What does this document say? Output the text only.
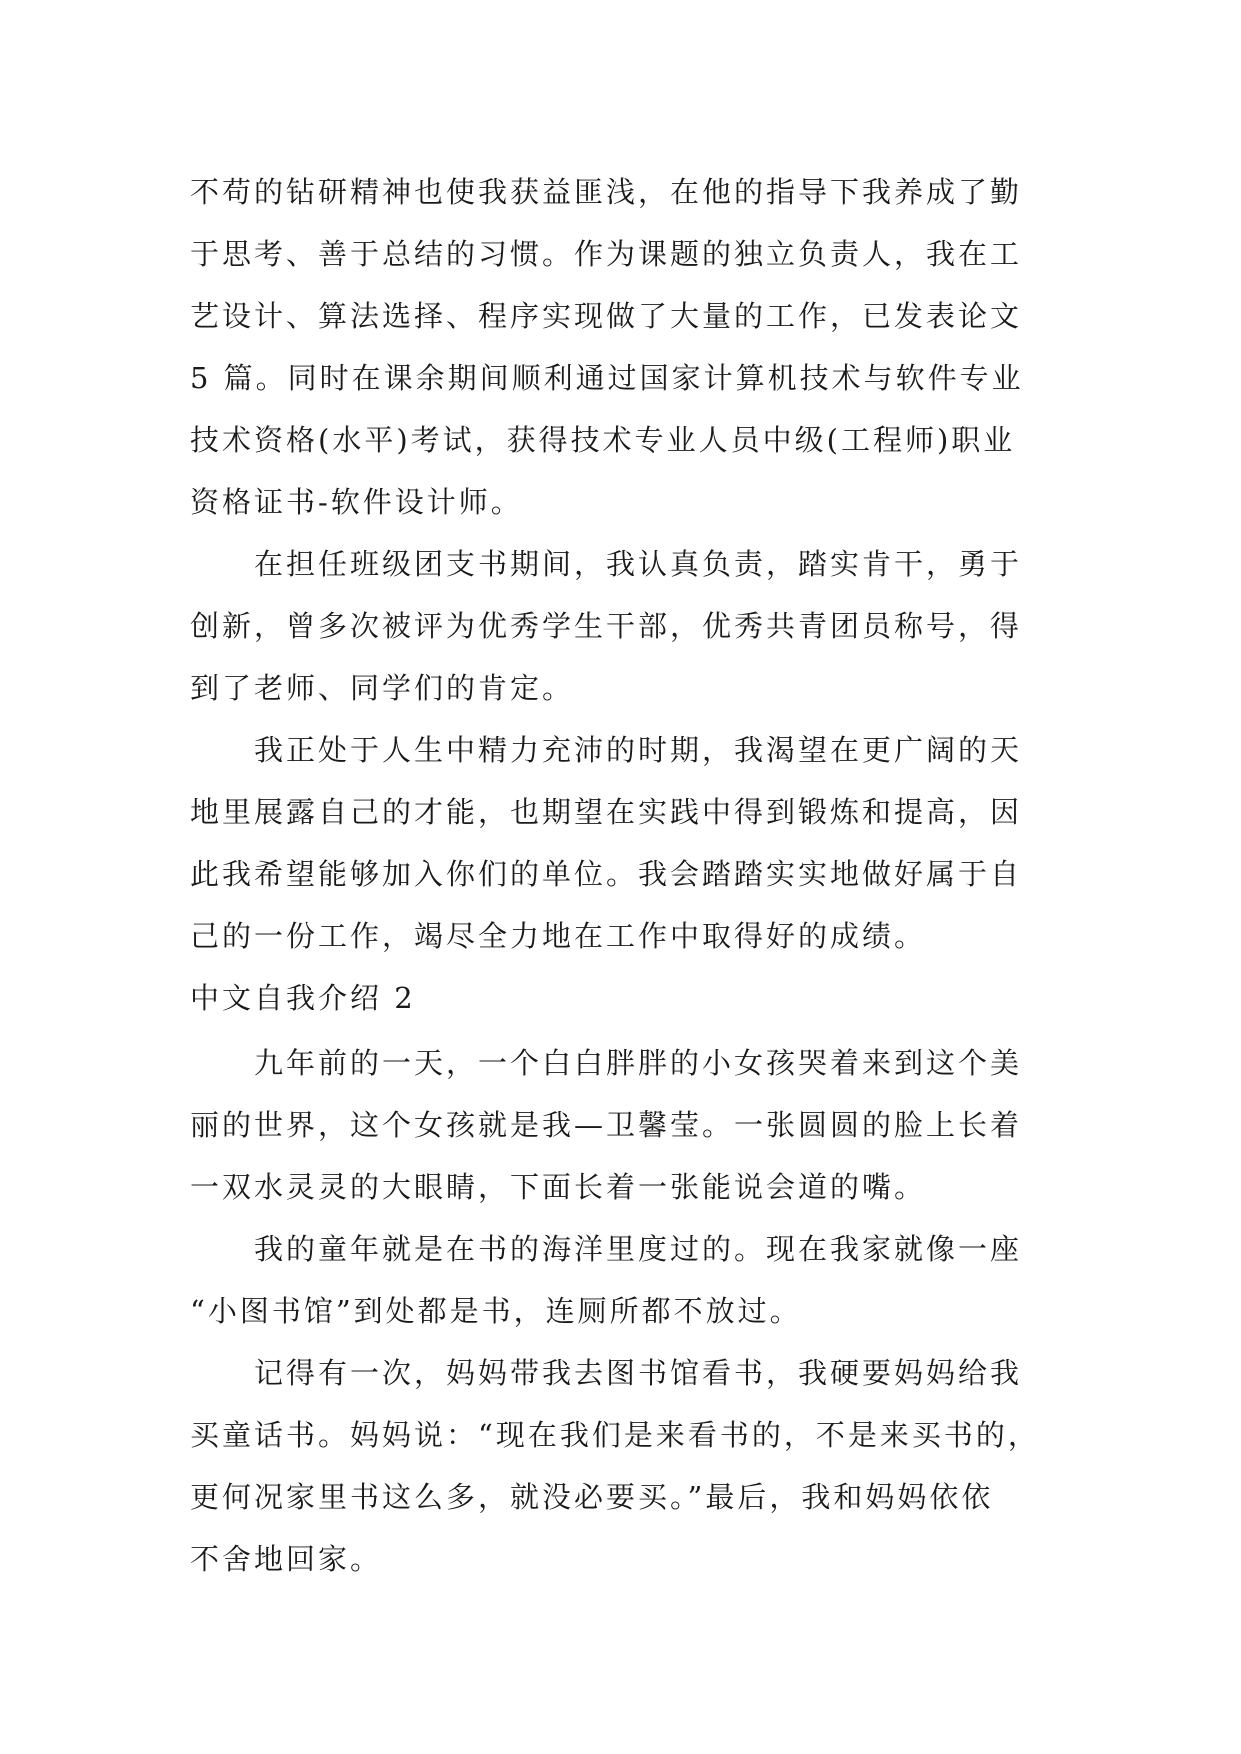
不苟的钻研精神也使我获益匪浅，在他的指导下我养成了勤
于思考、善于总结的习惯。作为课题的独立负责人，我在工
艺设计、算法选择、程序实现做了大量的工作，已发表论文
5 篇。同时在课余期间顺利通过国家计算机技术与软件专业
技术资格(水平)考试，获得技术专业人员中级(工程师)职业
资格证书-软件设计师。
在担任班级团支书期间，我认真负责，踏实肯干，勇于
创新，曾多次被评为优秀学生干部，优秀共青团员称号，得
到了老师、同学们的肯定。
我正处于人生中精力充沛的时期，我渴望在更广阔的天
地里展露自己的才能，也期望在实践中得到锻炼和提高，因
此我希望能够加入你们的单位。我会踏踏实实地做好属于自
己的一份工作，竭尽全力地在工作中取得好的成绩。
中文自我介绍 2
九年前的一天，一个白白胖胖的小女孩哭着来到这个美
丽的世界，这个女孩就是我—卫馨莹。一张圆圆的脸上长着
一双水灵灵的大眼睛，下面长着一张能说会道的嘴。
我的童年就是在书的海洋里度过的。现在我家就像一座
“小图书馆”到处都是书，连厕所都不放过。
记得有一次，妈妈带我去图书馆看书，我硬要妈妈给我
买童话书。妈妈说：“现在我们是来看书的，不是来买书的，
更何况家里书这么多，就没必要买。”最后，我和妈妈依依
不舍地回家。
